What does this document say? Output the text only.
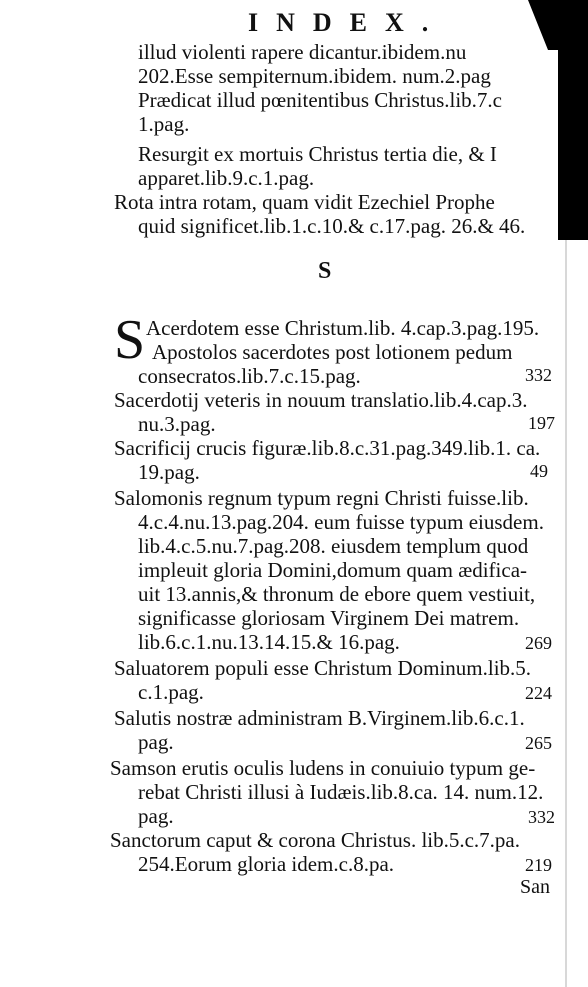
INDEX.
illud violenti rapere dicantur.ibidem.nu
202.Esse sempiternum.ibidem. num.2.pag
Prædicat illud pœnitentibus Christus.lib.7.c
1.pag.
Resurgit ex mortuis Christus tertia die, & I
apparet.lib.9.c.1.pag.
Rota intra rotam, quam vidit Ezechiel Prophe
quid significet.lib.1.c.10.& c.17.pag. 26.& 46.
S
S Acerdotem esse Christum.lib. 4.cap.3.pag.195.
Apostolos sacerdotes post lotionem pedum
consecratos.lib.7.c.15.pag.	332
Sacerdotij veteris in nouum translatio.lib.4.cap.3.
nu.3.pag.	197
Sacrificij crucis figuræ.lib.8.c.31.pag.349.lib.1. ca.
19.pag.	49
Salomonis regnum typum regni Christi fuisse.lib.
4.c.4.nu.13.pag.204. eum fuisse typum eiusdem.
lib.4.c.5.nu.7.pag.208. eiusdem templum quod
impleuit gloria Domini,domum quam ædifica-
uit 13.annis,& thronum de ebore quem vestiuit,
significasse gloriosam Virginem Dei matrem.
lib.6.c.1.nu.13.14.15.& 16.pag.	269
Saluatorem populi esse Christum Dominum.lib.5.
c.1.pag.	224
Salutis nostræ administram B.Virginem.lib.6.c.1.
pag.	265
Samson erutis oculis ludens in conuiuio typum ge-
rebat Christi illusi à Iudæis.lib.8.ca. 14. num.12.
pag.	332
Sanctorum caput & corona Christus. lib.5.c.7.pa.
254.Eorum gloria idem.c.8.pa.	219
San
